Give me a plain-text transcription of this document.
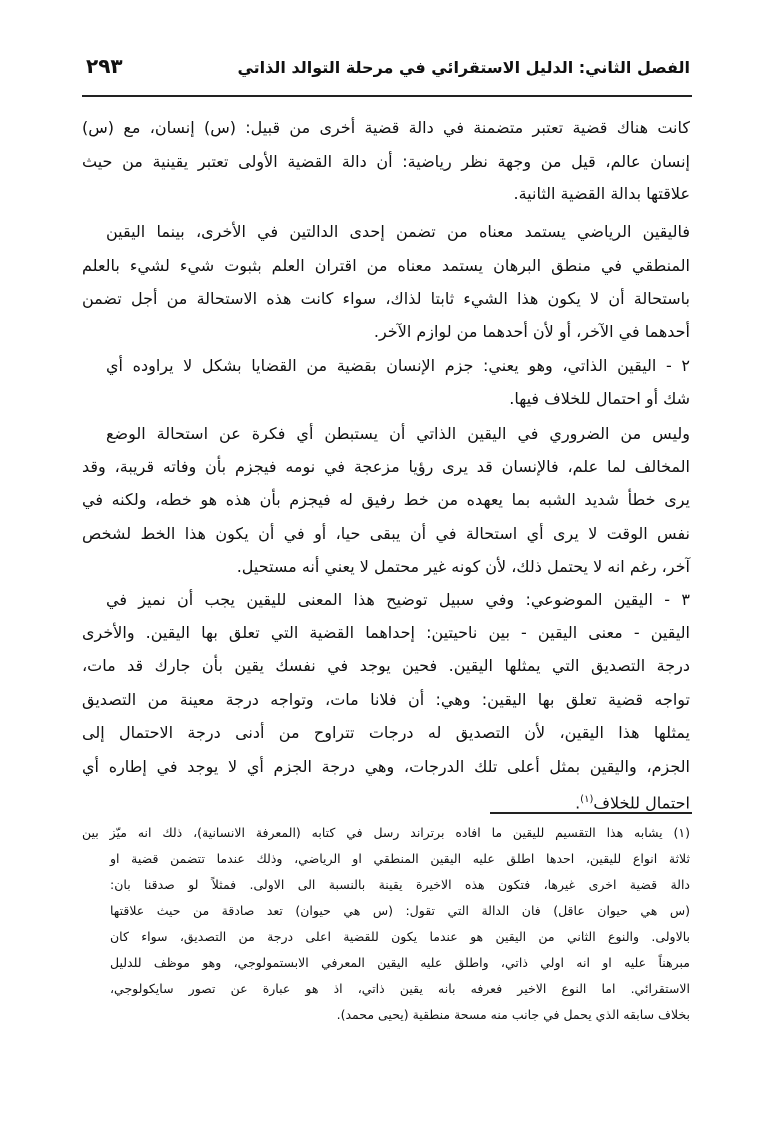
الفصل الثاني: الدليل الاستقرائي في مرحلة التوالد الذاتي
٢٩٣
كانت هناك قضية تعتبر متضمنة في دالة قضية أخرى من قبيل: (س) إنسان، مع (س)
إنسان عالم، قيل من وجهة نظر رياضية: أن دالة القضية الأولى تعتبر يقينية من حيث
علاقتها بدالة القضية الثانية.
فاليقين الرياضي يستمد معناه من تضمن إحدى الدالتين في الأخرى، بينما اليقين
المنطقي في منطق البرهان يستمد معناه من اقتران العلم بثبوت شيء لشيء بالعلم
باستحالة أن لا يكون هذا الشيء ثابتا لذاك، سواء كانت هذه الاستحالة من أجل تضمن
أحدهما في الآخر، أو لأن أحدهما من لوازم الآخر.
٢ - اليقين الذاتي، وهو يعني: جزم الإنسان بقضية من القضايا بشكل لا يراوده أي
شك أو احتمال للخلاف فيها.
وليس من الضروري في اليقين الذاتي أن يستبطن أي فكرة عن استحالة الوضع
المخالف لما علم، فالإنسان قد يرى رؤيا مزعجة في نومه فيجزم بأن وفاته قريبة، وقد
يرى خطأ شديد الشبه بما يعهده من خط رفيق له فيجزم بأن هذه هو خطه، ولكنه في
نفس الوقت لا يرى أي استحالة في أن يبقى حيا، أو في أن يكون هذا الخط لشخص
آخر، رغم انه لا يحتمل ذلك، لأن كونه غير محتمل لا يعني أنه مستحيل.
٣ - اليقين الموضوعي: وفي سبيل توضيح هذا المعنى لليقين يجب أن نميز في
اليقين - معنى اليقين - بين ناحيتين: إحداهما القضية التي تعلق بها اليقين. والأخرى
درجة التصديق التي يمثلها اليقين. فحين يوجد في نفسك يقين بأن جارك قد مات،
تواجه قضية تعلق بها اليقين: وهي: أن فلانا مات، وتواجه درجة معينة من التصديق
يمثلها هذا اليقين، لأن التصديق له درجات تتراوح من أدنى درجة الاحتمال إلى
الجزم، واليقين بمثل أعلى تلك الدرجات، وهي درجة الجزم أي لا يوجد في إطاره أي
احتمال للخلاف$^{(١)}$.
(١) يشابه هذا التقسيم لليقين ما افاده برتراند رسل في كتابه (المعرفة الانسانية)، ذلك انه ميّز بين
ثلاثة انواع لليقين، احدها اطلق عليه اليقين المنطقي او الرياضي، وذلك عندما تتضمن قضية او
دالة قضية اخرى غيرها، فتكون هذه الاخيرة يقينة بالنسبة الى الاولى. فمثلاً لو صدقنا بان:
(س هي حيوان عاقل) فان الدالة التي تقول: (س هي حيوان) تعد صادقة من حيث علاقتها
بالاولى. والنوع الثاني من اليقين هو عندما يكون للقضية اعلى درجة من التصديق، سواء كان
مبرهناً عليه او انه اولي ذاتي، واطلق عليه اليقين المعرفي الابستمولوجي، وهو موظف للدليل
الاستقرائي. اما النوع الاخير فعرفه بانه يقين ذاتي، اذ هو عبارة عن تصور سايكولوجي،
بخلاف سابقه الذي يحمل في جانب منه مسحة منطقية (يحيى محمد).
